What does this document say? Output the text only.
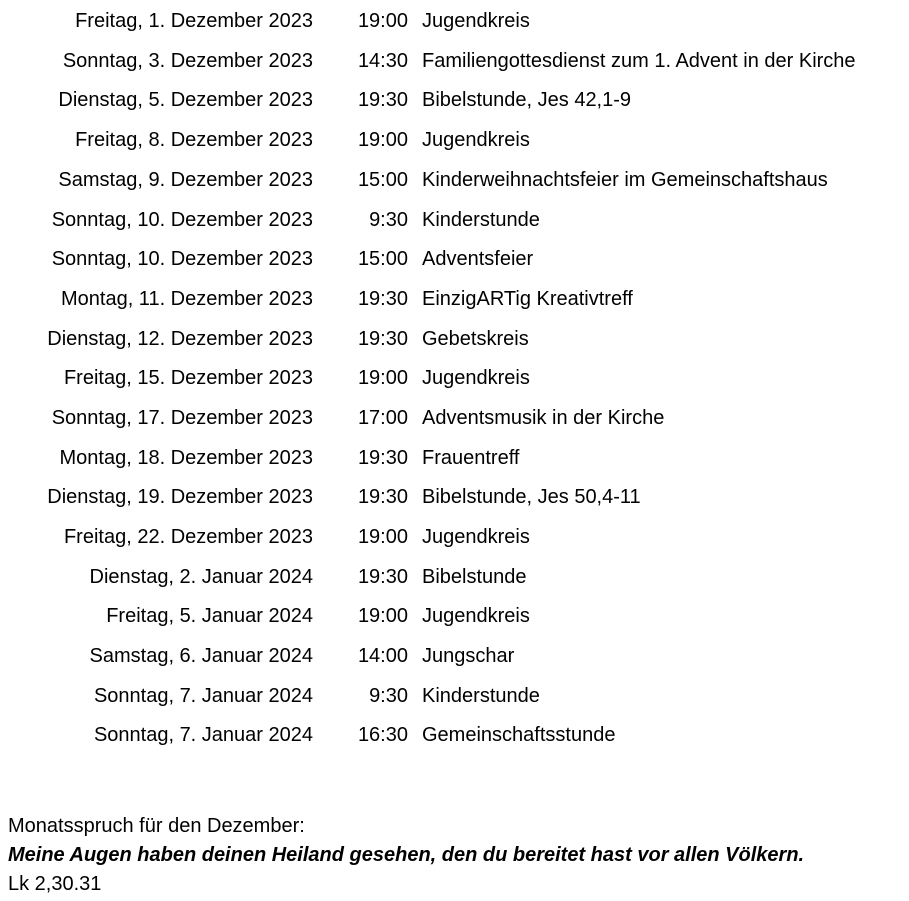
Freitag, 1. Dezember 2023 19:00 Jugendkreis
Sonntag, 3. Dezember 2023 14:30 Familiengottesdienst zum 1. Advent in der Kirche
Dienstag, 5. Dezember 2023 19:30 Bibelstunde, Jes 42,1-9
Freitag, 8. Dezember 2023 19:00 Jugendkreis
Samstag, 9. Dezember 2023 15:00 Kinderweihnachtsfeier im Gemeinschaftshaus
Sonntag, 10. Dezember 2023	9:30 Kinderstunde
Sonntag, 10. Dezember 2023 15:00 Adventsfeier
Montag, 11. Dezember 2023 19:30 EinzigARTig Kreativtreff
Dienstag, 12. Dezember 2023 19:30 Gebetskreis
Freitag, 15. Dezember 2023 19:00 Jugendkreis
Sonntag, 17. Dezember 2023 17:00 Adventsmusik in der Kirche
Montag, 18. Dezember 2023 19:30 Frauentreff
Dienstag, 19. Dezember 2023 19:30 Bibelstunde, Jes 50,4-11
Freitag, 22. Dezember 2023 19:00 Jugendkreis
Dienstag, 2. Januar 2024 19:30 Bibelstunde
Freitag, 5. Januar 2024 19:00 Jugendkreis
Samstag, 6. Januar 2024 14:00 Jungschar
Sonntag, 7. Januar 2024	9:30 Kinderstunde
Sonntag, 7. Januar 2024 16:30 Gemeinschaftsstunde
Monatsspruch für den Dezember:
Meine Augen haben deinen Heiland gesehen, den du bereitet hast vor allen Völkern.
Lk 2,30.31
